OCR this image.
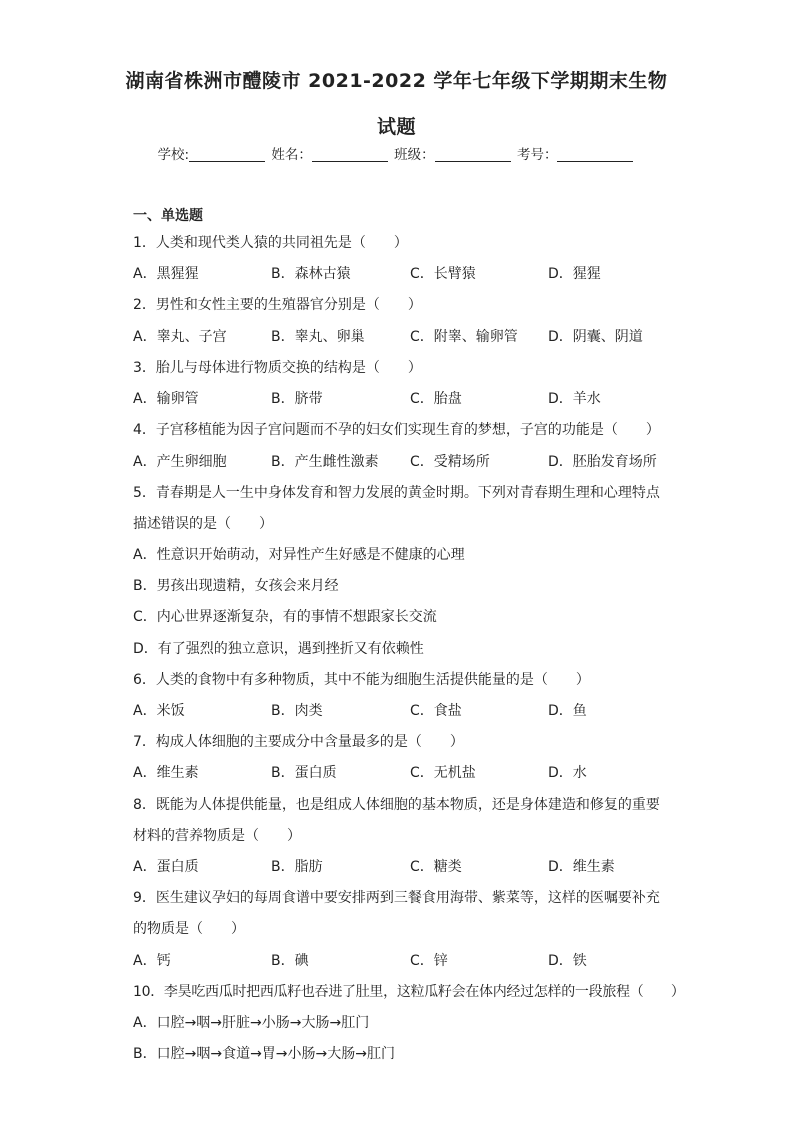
湖南省株洲市醴陵市 2021-2022 学年七年级下学期期末生物
试题
学校:	姓名：	班级：	考号：
一、单选题
1．人类和现代类人猿的共同祖先是（　　）
A．黑猩猩	B．森林古猿	C．长臂猿	D．猩猩
2．男性和女性主要的生殖器官分别是（　　）
A．睾丸、子宫	B．睾丸、卵巢	C．附睾、输卵管 D．阴囊、阴道
3．胎儿与母体进行物质交换的结构是（　　）
A．输卵管	B．脐带	C．胎盘	D．羊水
4．子宫移植能为因子宫问题而不孕的妇女们实现生育的梦想，子宫的功能是（　　）
A．产生卵细胞	B．产生雌性激素 C．受精场所	D．胚胎发育场所
5．青春期是人一生中身体发育和智力发展的黄金时期。下列对青春期生理和心理特点
描述错误的是（　　）
A．性意识开始萌动，对异性产生好感是不健康的心理
B．男孩出现遗精，女孩会来月经
C．内心世界逐渐复杂，有的事情不想跟家长交流
D．有了强烈的独立意识，遇到挫折又有依赖性
6．人类的食物中有多种物质，其中不能为细胞生活提供能量的是（　　）
A．米饭	B．肉类	C．食盐	D．鱼
7．构成人体细胞的主要成分中含量最多的是（　　）
A．维生素	B．蛋白质	C．无机盐	D．水
8．既能为人体提供能量，也是组成人体细胞的基本物质，还是身体建造和修复的重要
材料的营养物质是（　　）
A．蛋白质	B．脂肪	C．糖类	D．维生素
9．医生建议孕妇的每周食谱中要安排两到三餐食用海带、紫菜等，这样的医嘱要补充
的物质是（　　）
A．钙	B．碘	C．锌	D．铁
10．李昊吃西瓜时把西瓜籽也吞进了肚里，这粒瓜籽会在体内经过怎样的一段旅程（　　）
A．口腔→咽→肝脏→小肠→大肠→肛门
B．口腔→咽→食道→胃→小肠→大肠→肛门
